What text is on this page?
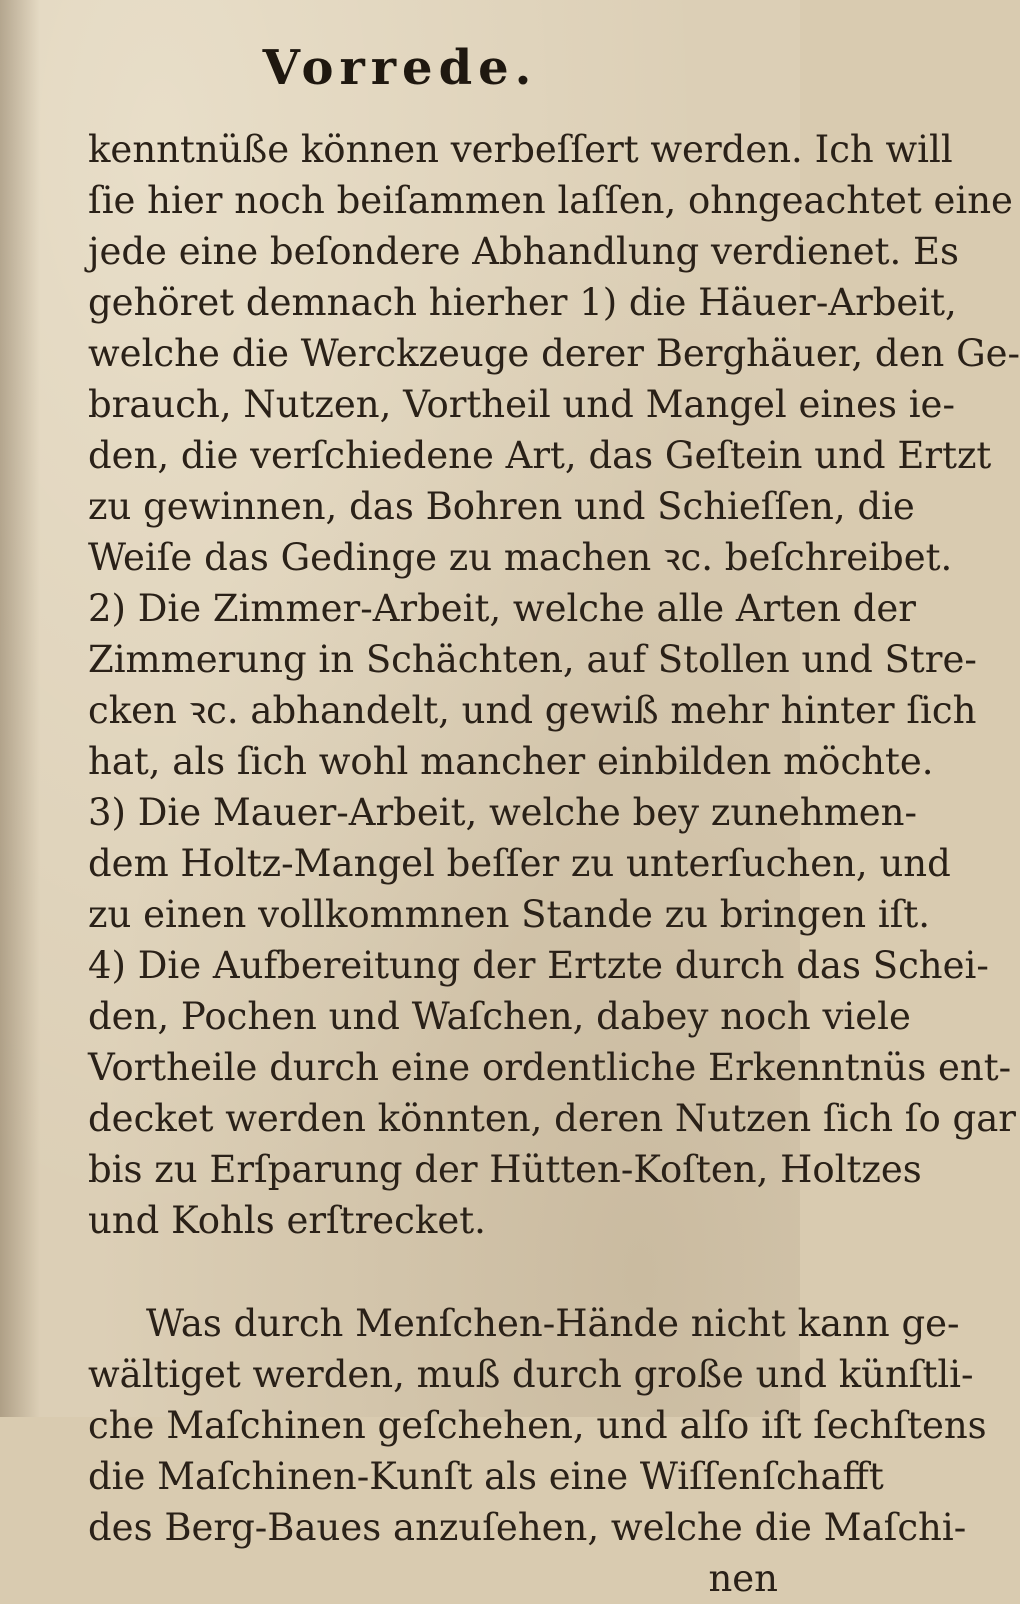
Vorrede.
kenntnüße können verbeſſert werden. Ich will
ſie hier noch beiſammen laſſen, ohngeachtet eine
jede eine beſondere Abhandlung verdienet. Es
gehöret demnach hierher 1) die Häuer-Arbeit,
welche die Werckzeuge derer Berghäuer, den Ge-
brauch, Nutzen, Vortheil und Mangel eines ie-
den, die verſchiedene Art, das Geſtein und Ertzt
zu gewinnen, das Bohren und Schieſſen, die
Weiſe das Gedinge zu machen ꝛc. beſchreibet.
2) Die Zimmer-Arbeit, welche alle Arten der
Zimmerung in Schächten, auf Stollen und Stre-
cken ꝛc. abhandelt, und gewiß mehr hinter ſich
hat, als ſich wohl mancher einbilden möchte.
3) Die Mauer-Arbeit, welche bey zunehmen-
dem Holtz-Mangel beſſer zu unterſuchen, und
zu einen vollkommnen Stande zu bringen iſt.
4) Die Aufbereitung der Ertzte durch das Schei-
den, Pochen und Waſchen, dabey noch viele
Vortheile durch eine ordentliche Erkenntnüs ent-
decket werden könnten, deren Nutzen ſich ſo gar
bis zu Erſparung der Hütten-Koſten, Holtzes
und Kohls erſtrecket.
Was durch Menſchen-Hände nicht kann ge-
wältiget werden, muß durch große und künſtli-
che Maſchinen geſchehen, und alſo iſt ſechſtens
die Maſchinen-Kunſt als eine Wiſſenſchafft
des Berg-Baues anzuſehen, welche die Maſchi-
nen
